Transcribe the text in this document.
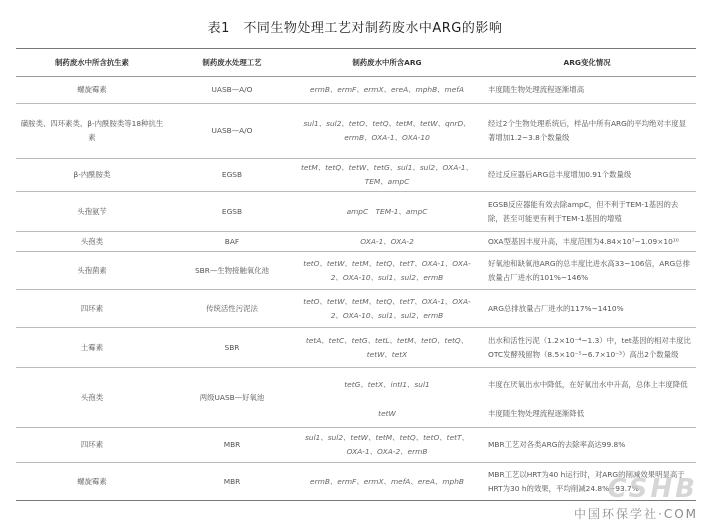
表1　不同生物处理工艺对制药废水中ARG的影响
制药废水中所含抗生素	制药废水处理工艺	制药废水中所含ARG	ARG变化情况
螺旋霉素	UASB—A/O	ermB、ermF、ermX、ereA、mphB、mefA	丰度随生物处理流程逐渐增高
磺胺类、四环素类、β-内酰胺类等18种抗生素	UASB—A/O	sul1、sul2、tetO、tetQ、tetM、tetW、qnrD、ermB、OXA-1、OXA-10	经过2个生物处理系统后，样品中所有ARG的平均绝对丰度显著增加1.2~3.8个数量级
β-内酰胺类	EGSB	tetM、tetQ、tetW、tetG、sul1、sul2、OXA-1、TEM、ampC	经过反应器后ARG总丰度增加0.91个数量级
头孢氨苄	EGSB	ampC　TEM-1、ampC	EGSB反应器能有效去除ampC，但不利于TEM-1基因的去除，甚至可能更有利于TEM-1基因的增殖
头孢类	BAF	OXA-1、OXA-2	OXA型基因丰度升高，丰度范围为4.84×10⁷~1.09×10¹⁰
头孢菌素	SBR—生物接触氧化池	tetO、tetW、tetM、tetQ、tetT、OXA-1、OXA-2、OXA-10、sul1、sul2、ermB	好氧池和缺氧池ARG的总丰度比进水高33~106倍，ARG总排放量占厂进水的101%~146%
四环素	传统活性污泥法	tetO、tetW、tetM、tetQ、tetT、OXA-1、OXA-2、OXA-10、sul1、sul2、ermB	ARG总排放量占厂进水的117%~1410%
土霉素	SBR	tetA、tetC、tetG、tetL、tetM、tetO、tetQ、tetW、tetX	出水和活性污泥（1.2×10⁻⁴~1.3）中，tet基因的相对丰度比OTC发酵残留物（8.5×10⁻⁵~6.7×10⁻³）高出2个数量级
头孢类	两级UASB—好氧池	tetG、tetX、intI1、sul1	丰度在厌氧出水中降低，在好氧出水中升高，总体上丰度降低
		tetW	丰度随生物处理流程逐渐降低
四环素	MBR	sul1、sul2、tetW、tetM、tetQ、tetO、tetT、OXA-1、OXA-2、ermB	MBR工艺对各类ARG的去除率高达99.8%
螺旋霉素	MBR	ermB、ermF、ermX、mefA、ereA、mphB	MBR工艺以HRT为40 h运行时，对ARG的削减效果明显高于HRT为30 h的效果，平均削减24.8%~93.7%
CSHB
中国环保学社·COM
